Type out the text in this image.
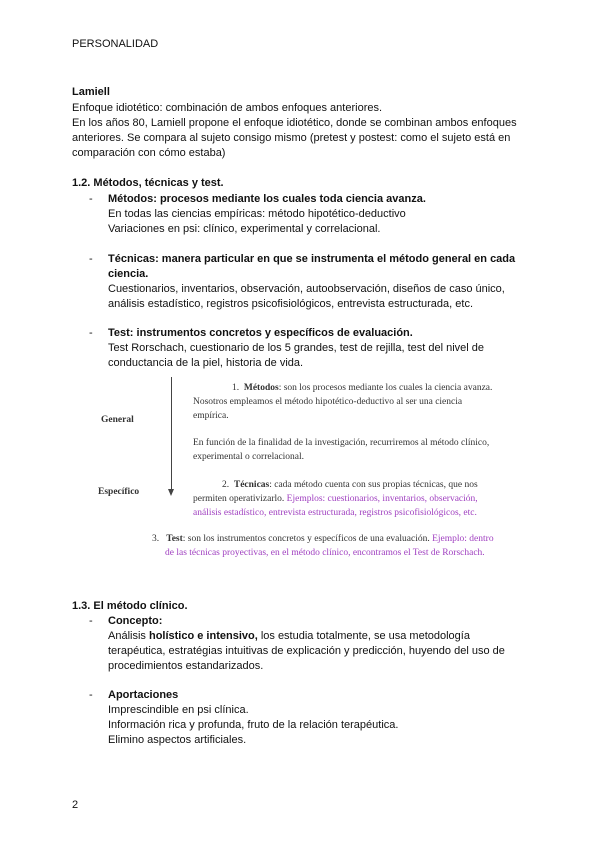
PERSONALIDAD
Lamiell
Enfoque idiotético: combinación de ambos enfoques anteriores.
En los años 80, Lamiell propone el enfoque idiotético, donde se combinan ambos enfoques
anteriores. Se compara al sujeto consigo mismo (pretest y postest: como el sujeto está en
comparación con cómo estaba)
1.2. Métodos, técnicas y test.
- Métodos: procesos mediante los cuales toda ciencia avanza.
En todas las ciencias empíricas: método hipotético-deductivo
Variaciones en psi: clínico, experimental y correlacional.
- Técnicas: manera particular en que se instrumenta el método general en cada
ciencia.
Cuestionarios, inventarios, observación, autoobservación, diseños de caso único,
análisis estadístico, registros psicofisiológicos, entrevista estructurada, etc.
- Test: instrumentos concretos y específicos de evaluación.
Test Rorschach, cuestionario de los 5 grandes, test de rejilla, test del nivel de
conductancia de la piel, historia de vida.
General
Específico
1. Métodos: son los procesos mediante los cuales la ciencia avanza.
Nosotros empleamos el método hipotético-deductivo al ser una ciencia
empírica.
En función de la finalidad de la investigación, recurriremos al método clínico,
experimental o correlacional.
2. Técnicas: cada método cuenta con sus propias técnicas, que nos
permiten operativizarlo. Ejemplos: cuestionarios, inventarios, observación,
análisis estadístico, entrevista estructurada, registros psicofisiológicos, etc.
3. Test: son los instrumentos concretos y específicos de una evaluación. Ejemplo: dentro
de las técnicas proyectivas, en el método clínico, encontramos el Test de Rorschach.
1.3. El método clínico.
- Concepto:
Análisis holístico e intensivo, los estudia totalmente, se usa metodología
terapéutica, estratégias intuitivas de explicación y predicción, huyendo del uso de
procedimientos estandarizados.
- Aportaciones
Imprescindible en psi clínica.
Información rica y profunda, fruto de la relación terapéutica.
Elimino aspectos artificiales.
2
